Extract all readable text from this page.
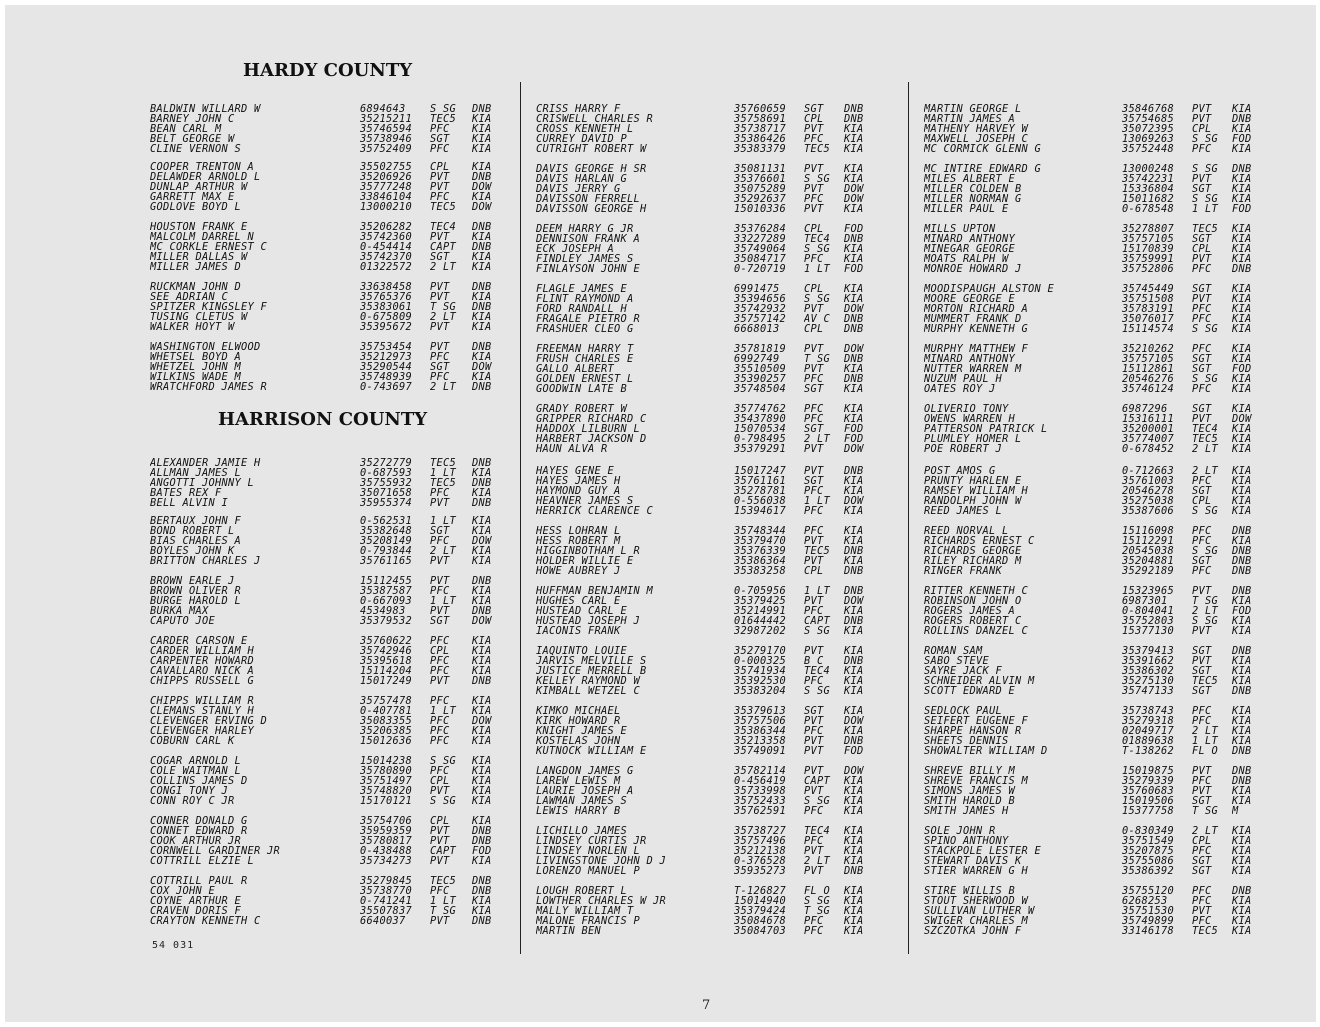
HARDY COUNTY
HARRISON COUNTY
BALDWIN WILLARD W	6894643	S SG	DNB
BARNEY JOHN C	35215211	TEC5	KIA
BEAN CARL M	35746594	PFC	KIA
BELT GEORGE W	35738946	SGT	KIA
CLINE VERNON S	35752409	PFC	KIA
COOPER TRENTON A	35502755	CPL	KIA
DELAWDER ARNOLD L	35206926	PVT	DNB
DUNLAP ARTHUR W	35777248	PVT	DOW
GARRETT MAX E	33846104	PFC	KIA
GODLOVE BOYD L	13000210	TEC5	DOW
HOUSTON FRANK E	35206282	TEC4	DNB
MALCOLM DARREL N	35742360	PVT	KIA
MC CORKLE ERNEST C	0-454414	CAPT	DNB
MILLER DALLAS W	35742370	SGT	KIA
MILLER JAMES D	01322572	2 LT	KIA
RUCKMAN JOHN D	33638458	PVT	DNB
SEE ADRIAN C	35765376	PVT	KIA
SPITZER KINGSLEY F	35383061	T SG	DNB
TUSING CLETUS W	0-675809	2 LT	KIA
WALKER HOYT W	35395672	PVT	KIA
WASHINGTON ELWOOD	35753454	PVT	DNB
WHETSEL BOYD A	35212973	PFC	KIA
WHETZEL JOHN M	35290544	SGT	DOW
WILKINS WADE M	35748939	PFC	KIA
WRATCHFORD JAMES R	0-743697	2 LT	DNB
ALEXANDER JAMIE H	35272779	TEC5	DNB
ALLMAN JAMES L	0-687593	1 LT	KIA
ANGOTTI JOHNNY L	35755932	TEC5	DNB
BATES REX F	35071658	PFC	KIA
BELL ALVIN I	35955374	PVT	DNB
BERTAUX JOHN F	0-562531	1 LT	KIA
BOND ROBERT L	35382648	SGT	KIA
BIAS CHARLES A	35208149	PFC	DOW
BOYLES JOHN K	0-793844	2 LT	KIA
BRITTON CHARLES J	35761165	PVT	KIA
BROWN EARLE J	15112455	PVT	DNB
BROWN OLIVER R	35387587	PFC	KIA
BURGE HAROLD L	0-667093	1 LT	KIA
BURKA MAX	4534983	PVT	DNB
CAPUTO JOE	35379532	SGT	DOW
CARDER CARSON E	35760622	PFC	KIA
CARDER WILLIAM H	35742946	CPL	KIA
CARPENTER HOWARD	35395618	PFC	KIA
CAVALLARO NICK A	15114204	PFC	KIA
CHIPPS RUSSELL G	15017249	PVT	DNB
CHIPPS WILLIAM R	35757478	PFC	KIA
CLEMANS STANLY H	0-407781	1 LT	KIA
CLEVENGER ERVING D	35083355	PFC	DOW
CLEVENGER HARLEY	35206385	PFC	KIA
COBURN CARL K	15012636	PFC	KIA
COGAR ARNOLD L	15014238	S SG	KIA
COLE WAITMAN L	35780890	PFC	KIA
COLLINS JAMES D	35751497	CPL	KIA
CONGI TONY J	35748820	PVT	KIA
CONN ROY C JR	15170121	S SG	KIA
CONNER DONALD G	35754706	CPL	KIA
CONNET EDWARD R	35959359	PVT	DNB
COOK ARTHUR JR	35780817	PVT	DNB
CORNWELL GARDINER JR	0-438488	CAPT	FOD
COTTRILL ELZIE L	35734273	PVT	KIA
COTTRILL PAUL R	35279845	TEC5	DNB
COX JOHN E	35738770	PFC	DNB
COYNE ARTHUR E	0-741241	1 LT	KIA
CRAVEN DORIS F	35507837	T SG	KIA
CRAYTON KENNETH C	6640037	PVT	DNB
CRISS HARRY F	35760659	SGT	DNB
CRISWELL CHARLES R	35758691	CPL	DNB
CROSS KENNETH L	35738717	PVT	KIA
CURREY DAVID P	35386426	PFC	KIA
CUTRIGHT ROBERT W	35383379	TEC5	KIA
DAVIS GEORGE H SR	35081131	PVT	KIA
DAVIS HARLAN G	35376601	S SG	KIA
DAVIS JERRY G	35075289	PVT	DOW
DAVISSON FERRELL	35292637	PFC	DOW
DAVISSON GEORGE H	15010336	PVT	KIA
DEEM HARRY G JR	35376284	CPL	FOD
DENNISON FRANK A	33227289	TEC4	DNB
ECK JOSEPH A	35749064	S SG	KIA
FINDLEY JAMES S	35084717	PFC	KIA
FINLAYSON JOHN E	0-720719	1 LT	FOD
FLAGLE JAMES E	6991475	CPL	KIA
FLINT RAYMOND A	35394656	S SG	KIA
FORD RANDALL H	35742932	PVT	DOW
FRAGALE PIETRO R	35757142	AV C	DNB
FRASHUER CLEO G	6668013	CPL	DNB
FREEMAN HARRY T	35781819	PVT	DOW
FRUSH CHARLES E	6992749	T SG	DNB
GALLO ALBERT	35510509	PVT	KIA
GOLDEN ERNEST L	35390257	PFC	DNB
GOODWIN LATE B	35748504	SGT	KIA
GRADY ROBERT W	35774762	PFC	KIA
GRIPPER RICHARD C	35437890	PFC	KIA
HADDOX LILBURN L	15070534	SGT	FOD
HARBERT JACKSON D	0-798495	2 LT	FOD
HAUN ALVA R	35379291	PVT	DOW
HAYES GENE E	15017247	PVT	DNB
HAYES JAMES H	35761161	SGT	KIA
HAYMOND GUY A	35278781	PFC	KIA
HEAVNER JAMES S	0-556038	1 LT	DOW
HERRICK CLARENCE C	15394617	PFC	KIA
HESS LOHRAN L	35748344	PFC	KIA
HESS ROBERT M	35379470	PVT	KIA
HIGGINBOTHAM L R	35376339	TEC5	DNB
HOLDER WILLIE E	35386364	PVT	KIA
HOWE AUBREY J	35383258	CPL	DNB
HUFFMAN BENJAMIN M	0-705956	1 LT	DNB
HUGHES CARL E	35379425	PVT	DOW
HUSTEAD CARL E	35214991	PFC	KIA
HUSTEAD JOSEPH J	01644442	CAPT	DNB
IACONIS FRANK	32987202	S SG	KIA
IAQUINTO LOUIE	35279170	PVT	KIA
JARVIS MELVILLE S	0-000325	B C	DNB
JUSTICE MERRELL B	35741934	TEC4	KIA
KELLEY RAYMOND W	35392530	PFC	KIA
KIMBALL WETZEL C	35383204	S SG	KIA
KIMKO MICHAEL	35379613	SGT	KIA
KIRK HOWARD R	35757506	PVT	DOW
KNIGHT JAMES E	35386344	PFC	KIA
KOSTELAS JOHN	35213358	PVT	DNB
KUTNOCK WILLIAM E	35749091	PVT	FOD
LANGDON JAMES G	35782114	PVT	DOW
LAREW LEWIS M	0-456419	CAPT	KIA
LAURIE JOSEPH A	35733998	PVT	KIA
LAWMAN JAMES S	35752433	S SG	KIA
LEWIS HARRY B	35762591	PFC	KIA
LICHILLO JAMES	35738727	TEC4	KIA
LINDSEY CURTIS JR	35757496	PFC	KIA
LINDSEY NORLEN L	35212138	PVT	KIA
LIVINGSTONE JOHN D J	0-376528	2 LT	KIA
LORENZO MANUEL P	35935273	PVT	DNB
LOUGH ROBERT L	T-126827	FL O	KIA
LOWTHER CHARLES W JR	15014940	S SG	KIA
MALLY WILLIAM T	35379424	T SG	KIA
MALONE FRANCIS P	35084678	PFC	KIA
MARTIN BEN	35084703	PFC	KIA
MARTIN GEORGE L	35846768	PVT	KIA
MARTIN JAMES A	35754685	PVT	DNB
MATHENY HARVEY W	35072395	CPL	KIA
MAXWELL JOSEPH C	13069263	S SG	FOD
MC CORMICK GLENN G	35752448	PFC	KIA
MC INTIRE EDWARD G	13000248	S SG	DNB
MILES ALBERT E	35742231	PVT	KIA
MILLER COLDEN B	15336804	SGT	KIA
MILLER NORMAN G	15011682	S SG	KIA
MILLER PAUL E	0-678548	1 LT	FOD
MILLS UPTON	35278807	TEC5	KIA
MINARD ANTHONY	35757105	SGT	KIA
MINEGAR GEORGE	15170839	CPL	KIA
MOATS RALPH W	35759991	PVT	KIA
MONROE HOWARD J	35752806	PFC	DNB
MOODISPAUGH ALSTON E	35745449	SGT	KIA
MOORE GEORGE E	35751508	PVT	KIA
MORTON RICHARD A	35783191	PFC	KIA
MUMMERT FRANK D	35076017	PFC	KIA
MURPHY KENNETH G	15114574	S SG	KIA
MURPHY MATTHEW F	35210262	PFC	KIA
MINARD ANTHONY	35757105	SGT	KIA
NUTTER WARREN M	15112861	SGT	FOD
NUZUM PAUL H	20546276	S SG	KIA
OATES ROY J	35746124	PFC	KIA
OLIVERIO TONY	6987296	SGT	KIA
OWENS WARREN H	15316111	PVT	DOW
PATTERSON PATRICK L	35200001	TEC4	KIA
PLUMLEY HOMER L	35774007	TEC5	KIA
POE ROBERT J	0-678452	2 LT	KIA
POST AMOS G	0-712663	2 LT	KIA
PRUNTY HARLEN E	35761003	PFC	KIA
RAMSEY WILLIAM H	20546278	SGT	KIA
RANDOLPH JOHN W	35275038	CPL	KIA
REED JAMES L	35387606	S SG	KIA
REED NORVAL L	15116098	PFC	DNB
RICHARDS ERNEST C	15112291	PFC	KIA
RICHARDS GEORGE	20545038	S SG	DNB
RILEY RICHARD M	35204881	SGT	DNB
RINGER FRANK	35292189	PFC	DNB
RITTER KENNETH C	15323965	PVT	DNB
ROBINSON JOHN O	6987301	T SG	KIA
ROGERS JAMES A	0-804041	2 LT	FOD
ROGERS ROBERT C	35752803	S SG	KIA
ROLLINS DANZEL C	15377130	PVT	KIA
ROMAN SAM	35379413	SGT	DNB
SABO STEVE	35391662	PVT	KIA
SAYRE JACK F	35386302	SGT	KIA
SCHNEIDER ALVIN M	35275130	TEC5	KIA
SCOTT EDWARD E	35747133	SGT	DNB
SEDLOCK PAUL	35738743	PFC	KIA
SEIFERT EUGENE F	35279318	PFC	KIA
SHARPE HANSON R	02049717	2 LT	KIA
SHEETS DENNIS	01889638	1 LT	KIA
SHOWALTER WILLIAM D	T-138262	FL O	DNB
SHREVE BILLY M	15019875	PVT	DNB
SHREVE FRANCIS M	35279339	PFC	DNB
SIMONS JAMES W	35760683	PVT	KIA
SMITH HAROLD B	15019506	SGT	KIA
SMITH JAMES H	15377758	T SG	M
SOLE JOHN R	0-830349	2 LT	KIA
SPINO ANTHONY	35751549	CPL	KIA
STACKPOLE LESTER E	35207875	PFC	KIA
STEWART DAVIS K	35755086	SGT	KIA
STIER WARREN G H	35386392	SGT	KIA
STIRE WILLIS B	35755120	PFC	DNB
STOUT SHERWOOD W	6268253	PFC	KIA
SULLIVAN LUTHER W	35751530	PVT	KIA
SWIGER CHARLES M	35749899	PFC	KIA
SZCZOTKA JOHN F	33146178	TEC5	KIA
54 031
7
